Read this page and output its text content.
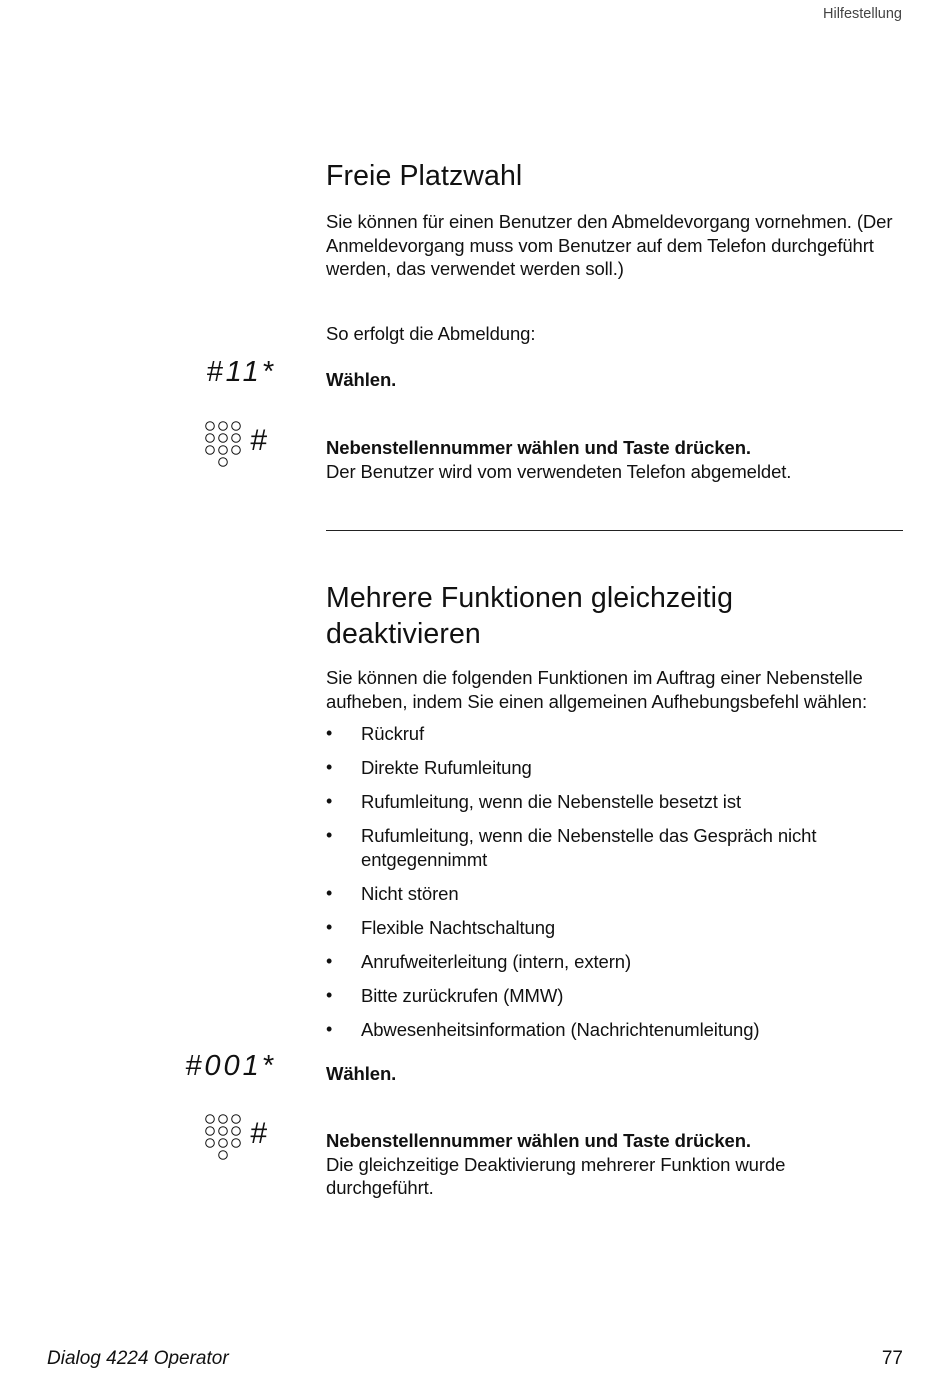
Hilfestellung
Freie Platzwahl

Sie können für einen Benutzer den Abmeldevorgang vornehmen. (Der Anmeldevorgang muss vom Benutzer auf dem Telefon durchgeführt werden, das verwendet werden soll.)

So erfolgt die Abmeldung:

#11*	Wählen.

#	Nebenstellennummer wählen und Taste drücken.
Der Benutzer wird vom verwendeten Telefon abgemeldet.

Mehrere Funktionen gleichzeitig deaktivieren

Sie können die folgenden Funktionen im Auftrag einer Nebenstelle aufheben, indem Sie einen allgemeinen Aufhebungsbefehl wählen:

• Rückruf
• Direkte Rufumleitung
• Rufumleitung, wenn die Nebenstelle besetzt ist
• Rufumleitung, wenn die Nebenstelle das Gespräch nicht entgegennimmt
• Nicht stören
• Flexible Nachtschaltung
• Anrufweiterleitung (intern, extern)
• Bitte zurückrufen (MMW)
• Abwesenheitsinformation (Nachrichtenumleitung)
#001*	Wählen.

#	Nebenstellennummer wählen und Taste drücken.
Die gleichzeitige Deaktivierung mehrerer Funktion wurde durchgeführt.

Dialog 4224 Operator	77
